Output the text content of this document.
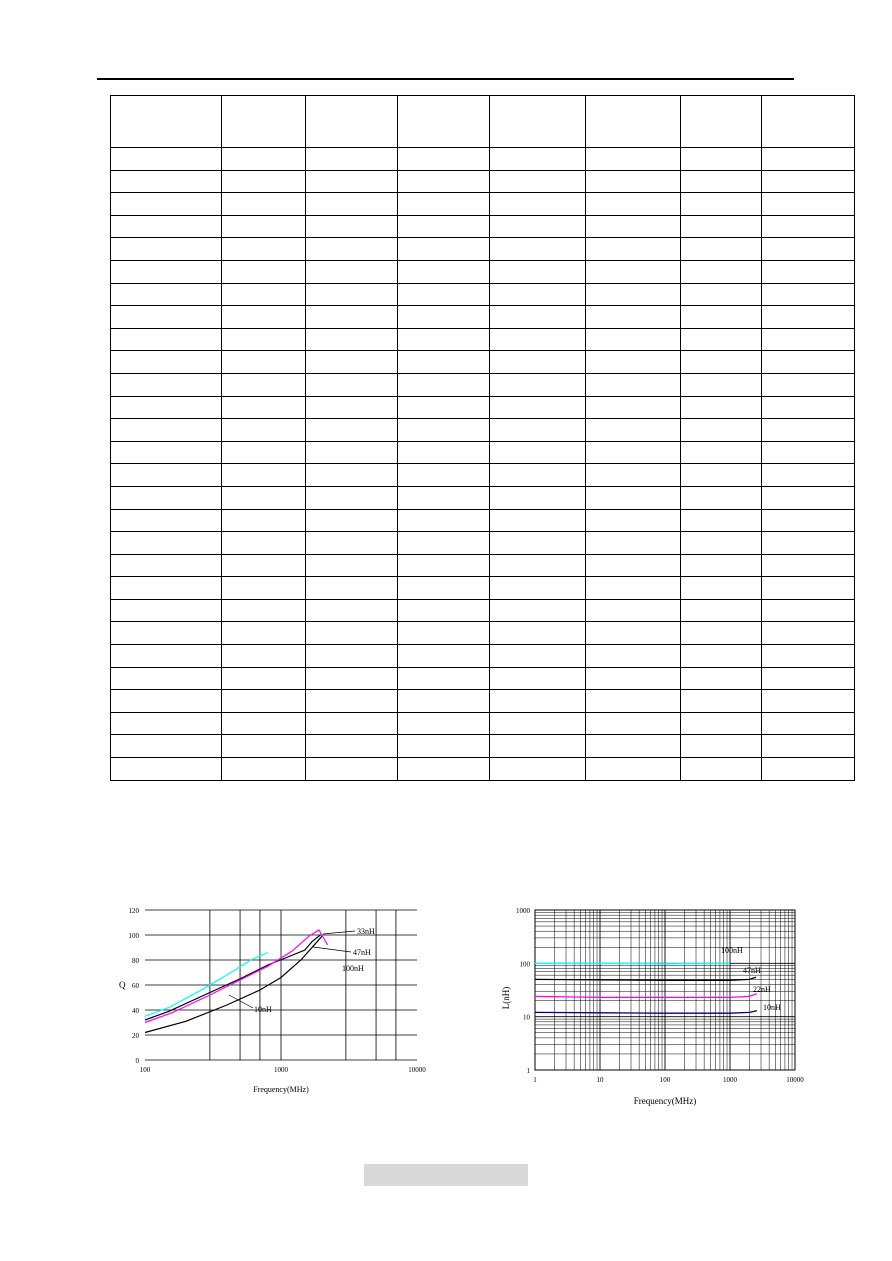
0
20
40
60
80
100
120
100	1000	10000
Q
Frequency(MHz)
33nH
47nH
100nH
10nH
1	10	100	1000	10000
1
10
100
1000
L(nH)
Frequency(MHz)
100nH
47nH
22nH
10nH
